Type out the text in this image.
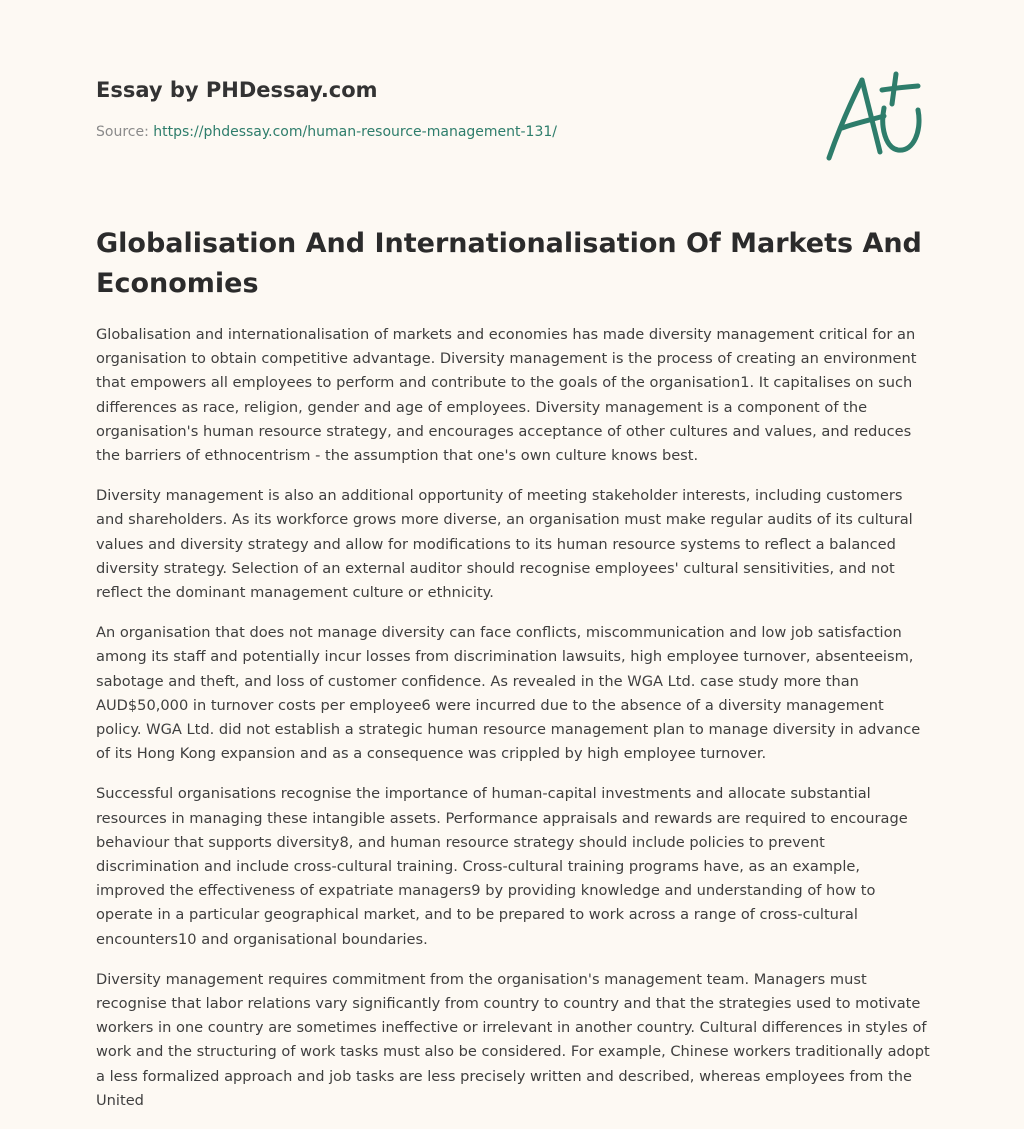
Essay by PHDessay.com
Source: https://phdessay.com/human-resource-management-131/
Globalisation And Internationalisation Of Markets And Economies

Globalisation and internationalisation of markets and economies has made diversity management critical for an organisation to obtain competitive advantage. Diversity management is the process of creating an environment that empowers all employees to perform and contribute to the goals of the organisation1. It capitalises on such differences as race, religion, gender and age of employees. Diversity management is a component of the organisation's human resource strategy, and encourages acceptance of other cultures and values, and reduces the barriers of ethnocentrism - the assumption that one's own culture knows best.

Diversity management is also an additional opportunity of meeting stakeholder interests, including customers and shareholders. As its workforce grows more diverse, an organisation must make regular audits of its cultural values and diversity strategy and allow for modifications to its human resource systems to reflect a balanced diversity strategy. Selection of an external auditor should recognise employees' cultural sensitivities, and not reflect the dominant management culture or ethnicity.

An organisation that does not manage diversity can face conflicts, miscommunication and low job satisfaction among its staff and potentially incur losses from discrimination lawsuits, high employee turnover, absenteeism, sabotage and theft, and loss of customer confidence. As revealed in the WGA Ltd. case study more than AUD$50,000 in turnover costs per employee6 were incurred due to the absence of a diversity management policy. WGA Ltd. did not establish a strategic human resource management plan to manage diversity in advance of its Hong Kong expansion and as a consequence was crippled by high employee turnover.

Successful organisations recognise the importance of human-capital investments and allocate substantial resources in managing these intangible assets. Performance appraisals and rewards are required to encourage behaviour that supports diversity8, and human resource strategy should include policies to prevent discrimination and include cross-cultural training. Cross-cultural training programs have, as an example, improved the effectiveness of expatriate managers9 by providing knowledge and understanding of how to operate in a particular geographical market, and to be prepared to work across a range of cross-cultural encounters10 and organisational boundaries.

Diversity management requires commitment from the organisation's management team. Managers must recognise that labor relations vary significantly from country to country and that the strategies used to motivate workers in one country are sometimes ineffective or irrelevant in another country. Cultural differences in styles of work and the structuring of work tasks must also be considered. For example, Chinese workers traditionally adopt a less formalized approach and job tasks are less precisely written and described, whereas employees from the United
